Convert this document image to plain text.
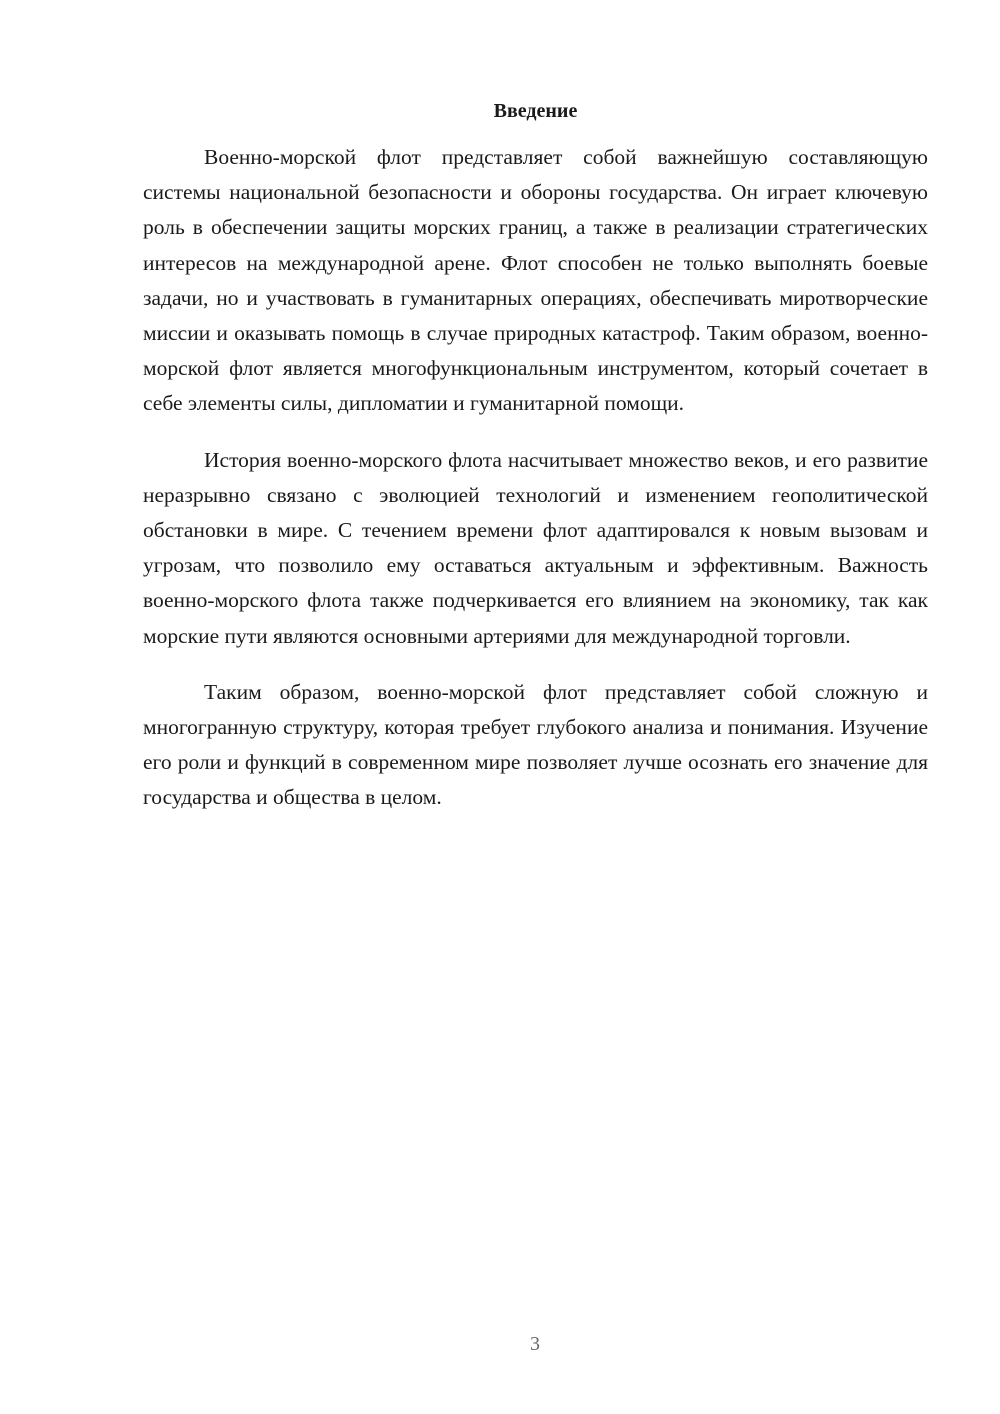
Введение

Военно-морской флот представляет собой важнейшую составляющую системы национальной безопасности и обороны государства. Он играет ключевую роль в обеспечении защиты морских границ, а также в реализации стратегических интересов на международной арене. Флот способен не только выполнять боевые задачи, но и участвовать в гуманитарных операциях, обеспечивать миротворческие миссии и оказывать помощь в случае природных катастроф. Таким образом, военно-морской флот является многофункциональным инструментом, который сочетает в себе элементы силы, дипломатии и гуманитарной помощи.

История военно-морского флота насчитывает множество веков, и его развитие неразрывно связано с эволюцией технологий и изменением геополитической обстановки в мире. С течением времени флот адаптировался к новым вызовам и угрозам, что позволило ему оставаться актуальным и эффективным. Важность военно-морского флота также подчеркивается его влиянием на экономику, так как морские пути являются основными артериями для международной торговли.

Таким образом, военно-морской флот представляет собой сложную и многогранную структуру, которая требует глубокого анализа и понимания. Изучение его роли и функций в современном мире позволяет лучше осознать его значение для государства и общества в целом.

3
